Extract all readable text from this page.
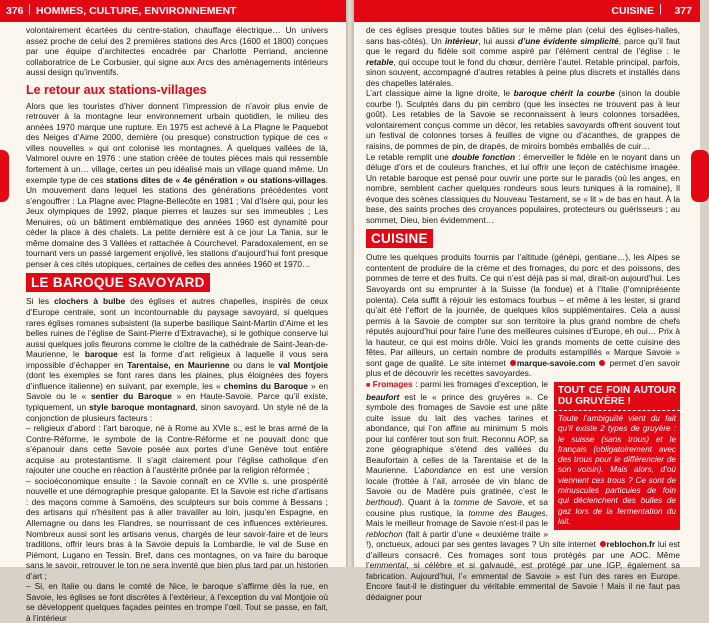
376 | HOMMES, CULTURE, ENVIRONNEMENT

volontairement écartées du centre-station, chauffage électrique… Un univers assez proche de celui des 2 premières stations des Arcs (1600 et 1800) conçues par une équipe d’architectes encadrée par Charlotte Perriand, ancienne collaboratrice de Le Corbusier, qui signe aux Arcs des aménagements intérieurs aussi design qu’inventifs.

Le retour aux stations-villages

Alors que les touristes d’hiver donnent l’impression de n’avoir plus envie de retrouver à la montagne leur environnement urbain quotidien, le milieu des années 1970 marque une rupture. En 1975 est achevé à La Plagne le Paquebot des Neiges d’Aime 2000, dernière (ou presque) construction typique de ces « villes nouvelles » qui ont colonisé les montagnes. À quelques vallées de là, Valmorel ouvre en 1976 : une station créée de toutes pièces mais qui ressemble fortement à un… village, certes un peu idéalisé mais un village quand même. Un exemple type de ces stations dites de « 4e génération » ou stations-villages. Un mouvement dans lequel les stations des générations précédentes vont s’engouffrer : La Plagne avec Plagne-Bellecôte en 1981 ; Val d’Isère qui, pour les Jeux olympiques de 1992, plaque pierres et lauzes sur ses immeubles ; Les Menuires, où un bâtiment emblématique des années 1960 est dynamité pour céder la place à des chalets. La petite dernière est à ce jour La Tania, sur le même domaine des 3 Vallées et rattachée à Courchevel. Paradoxalement, en se tournant vers un passé largement enjolivé, les stations d’aujourd’hui font presque penser à ces cités utopiques, certaines de celles des années 1960 et 1970…

LE BAROQUE SAVOYARD

Si les clochers à bulbe des églises et autres chapelles, inspirés de ceux d’Europe centrale, sont un incontournable du paysage savoyard, si quelques rares églises romanes subsistent (la superbe basilique Saint-Martin d’Aime et les belles ruines de l’église de Saint-Pierre d’Extravache), si le gothique conserve lui aussi quelques jolis fleurons comme le cloître de la cathédrale de Saint-Jean-de-Maurienne, le baroque est la forme d’art religieux à laquelle il vous sera impossible d’échapper en Tarentaise, en Maurienne ou dans le val Montjoie (dont les exemples se font rares dans les plaines, plus éloignées des foyers d’influence italienne) en suivant, par exemple, les « chemins du Baroque » en Savoie ou le « sentier du Baroque » en Haute-Savoie. Parce qu’il existe, typiquement, un style baroque montagnard, sinon savoyard. Un style né de la conjonction de plusieurs facteurs :

– religieux d’abord : l’art baroque, né à Rome au XVIe s., est le bras armé de la Contre-Réforme, le symbole de la Contre-Réforme et ne pouvait donc que s’épanouir dans cette Savoie posée aux portes d’une Genève tout entière acquise au protestantisme. Il s’agit clairement pour l’église catholique d’en rajouter une couche en réaction à l’austérité prônée par la religion réformée ;

– socioéconomique ensuite : la Savoie connaît en ce XVIIe s. une prospérité nouvelle et une démographie presque galopante. Et la Savoie est riche d’artisans : des maçons comme à Samoëns, des sculpteurs sur bois comme à Bessans ; des artisans qui n’hésitent pas à aller travailler au loin, jusqu’en Espagne, en Allemagne ou dans les Flandres, se nourrissant de ces influences extérieures. Nombreux aussi sont les artisans venus, chargés de leur savoir-faire et de leurs traditions, offrir leurs bras à la Savoie depuis la Lombardie, le val de Suse en Piémont, Lugano en Tessin. Bref, dans ces montagnes, on va faire du baroque sans le savoir, retrouver le ton ne sera inventé que bien plus tard par un historien d’art ;

– Si, en Italie ou dans le comté de Nice, le baroque s’affirme dès la rue, en Savoie, les églises se font discrètes à l’extérieur, à l’exception du val Montjoie où se développent quelques façades peintes en trompe l’œil. Tout se passe, en fait, à l’intérieur

CUISINE | 377

de ces églises presque toutes bâties sur le même plan (celui des églises-halles, sans bas-côtés). Un intérieur, lui aussi d’une évidente simplicité, parce qu’il faut que le regard du fidèle soit comme aspiré par l’élément central de l’église : le retable, qui occupe tout le fond du chœur, derrière l’autel. Retable principal, parfois, sinon souvent, accompagné d’autres retables à peine plus discrets et installés dans des chapelles latérales.

L’art classique aime la ligne droite, le baroque chérit la courbe (sinon la double courbe !). Sculptés dans du pin cembro (que les insectes ne trouvent pas à leur goût). Les retables de la Savoie se reconnaissent à leurs colonnes torsadées, volontairement conçus comme un décor, les retables savoyards offrent souvent tout un festival de colonnes torses à feuilles de vigne ou d’acanthes, de grappes de raisins, de pommes de pin, de drapés, de miroirs bombés emballés de cuir…

Le retable remplit une double fonction : émerveiller le fidèle en le noyant dans un déluge d’ors et de couleurs franches, et lui offrir une leçon de catéchisme imagée. Un retable baroque est pensé pour ouvrir une porte sur le paradis (où les anges, en nombre, semblent cacher quelques rondeurs sous leurs tuniques à la romaine), Il évoque des scènes classiques du Nouveau Testament, se « lit » de bas en haut. À la base, des saints proches des croyances populaires, protecteurs ou guérisseurs ; au sommet, Dieu, bien évidemment…

CUISINE

Outre les quelques produits fournis par l’altitude (génépi, gentiane…), les Alpes se contentent de produire de la crème et des fromages, du porc et des poissons, des pommes de terre et des fruits. Ce qui n’est déjà pas si mal, dirait-on aujourd’hui. Les Savoyards ont su emprunter à la Suisse (la fondue) et à l’Italie (l’omniprésente polenta). Cela suffit à réjouir les estomacs fourbus – et même à les lester, si grand qu’ait été l’effort de la journée, de quelques kilos supplémentaires. Cela a aussi permis à la Savoie de compter sur son territoire la plus grand nombre de chefs réputés aujourd’hui pour faire l’une des meilleures cuisines d’Europe, eh oui… Prix à la hauteur, ce qui est moins drôle. Voici les grands moments de cette cuisine des fêtes. Par ailleurs, un certain nombre de produits estampillés « Marque Savoie » sont gage de qualité. Le site internet marque-savoie.com  permet d’en savoir plus et de découvrir les recettes savoyardes.

TOUT CE FOIN AUTOUR DU GRUYÈRE !
Toute l’ambiguïté vient du fait qu’il existe 2 types de gruyère : le suisse (sans trous) et le français (obligatoirement avec des trous pour le différencier de son voisin). Mais alors, d’où viennent ces trous ? Ce sont de minuscules particules de foin qui déclenchent des bulles de gaz lors de la fermentation du lait.

■ Fromages : parmi les fromages d’exception, le beaufort est le « prince des gruyères ». Ce symbole des fromages de Savoie est une pâte cuite issue du lait des vaches tarines et abondance, qui l’on affine au minimum 5 mois pour lui conférer tout son fruit. Reconnu AOP, sa zone géographique s’étend des vallées du Beaufortain à celles de la Tarentaise et de la Maurienne. L’abondance en est une version locale (frottée à l’ail, arrosée de vin blanc de Savoie ou de Madère puis gratinée, c’est le berthoud). Quant à la tomme de Savoie, et sa cousine plus rustique, la tomme des Bauges. Mais le meilleur fromage de Savoie n’est-il pas le reblochon (fait à partir d’une « deuxième traite » !), onctueux, adouci par ses gentes lavages ? Un site internet reblochon.fr lui est d’ailleurs consacré. Ces fromages sont tous protégés par une AOC. Même l’emmental, si célèbre et si galvaudé, est protégé par une IGP, également sa fabrication. Aujourd’hui, l’« emmental de Savoie » est l’un des rares en Europe. Encore faut-il le distinguer du véritable emmental de Savoie ! Mais il ne faut pas dédaigner pour
